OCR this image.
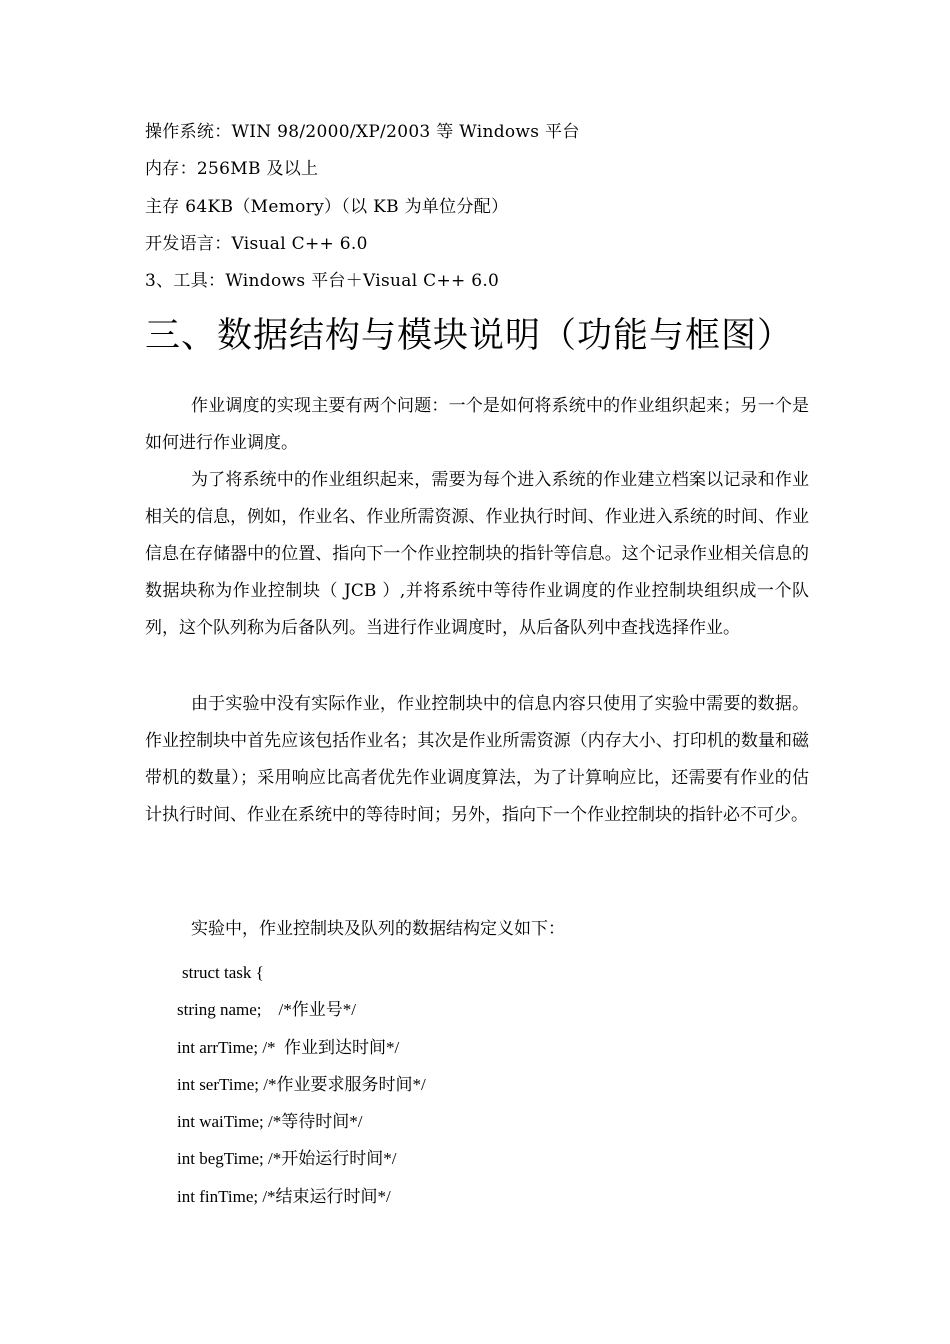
操作系统：WIN 98/2000/XP/2003 等 Windows 平台
内存：256MB 及以上
主存 64KB（Memory）（以 KB 为单位分配）
开发语言：Visual C++ 6.0
3、工具：Windows 平台＋Visual C++ 6.0
三、数据结构与模块说明（功能与框图）

作业调度的实现主要有两个问题：一个是如何将系统中的作业组织起来；另一个是如何进行作业调度。

为了将系统中的作业组织起来，需要为每个进入系统的作业建立档案以记录和作业相关的信息，例如，作业名、作业所需资源、作业执行时间、作业进入系统的时间、作业信息在存储器中的位置、指向下一个作业控制块的指针等信息。这个记录作业相关信息的数据块称为作业控制块（ JCB ）,并将系统中等待作业调度的作业控制块组织成一个队列，这个队列称为后备队列。当进行作业调度时，从后备队列中查找选择作业。

由于实验中没有实际作业，作业控制块中的信息内容只使用了实验中需要的数据。作业控制块中首先应该包括作业名；其次是作业所需资源（内存大小、打印机的数量和磁带机的数量）；采用响应比高者优先作业调度算法，为了计算响应比，还需要有作业的估计执行时间、作业在系统中的等待时间；另外，指向下一个作业控制块的指针必不可少。

实验中，作业控制块及队列的数据结构定义如下：
struct task {
string name;    /*作业号*/
int arrTime; /*  作业到达时间*/
int serTime; /*作业要求服务时间*/
int waiTime; /*等待时间*/
int begTime; /*开始运行时间*/
int finTime; /*结束运行时间*/
